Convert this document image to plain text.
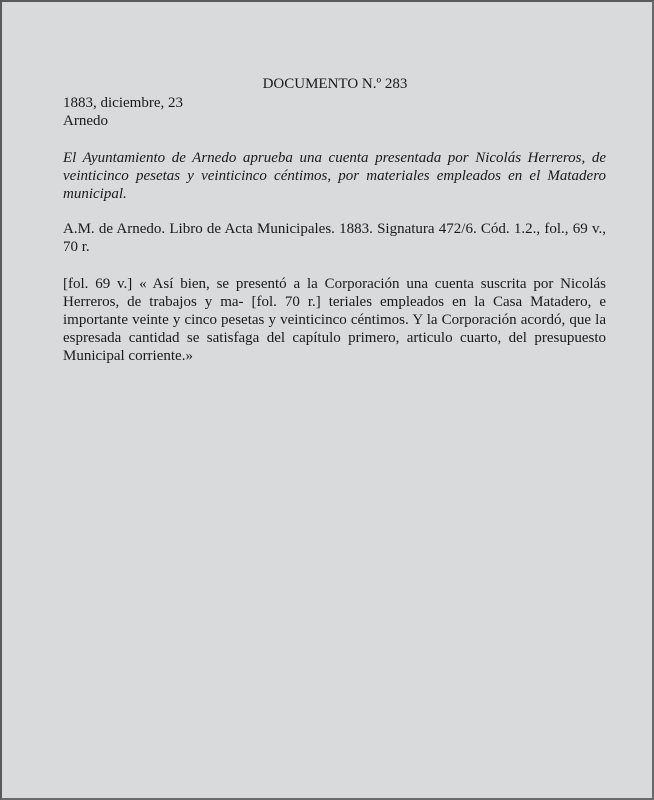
DOCUMENTO N.º 283
1883, diciembre, 23
Arnedo

El Ayuntamiento de Arnedo aprueba una cuenta presentada por Nicolás Herreros, de veinticinco pesetas y veinticinco céntimos, por materiales empleados en el Matadero municipal.

A.M. de Arnedo. Libro de Acta Municipales. 1883. Signatura 472/6. Cód. 1.2., fol., 69 v., 70 r.

[fol. 69 v.] « Así bien, se presentó a la Corporación una cuenta suscrita por Nicolás Herreros, de trabajos y ma- [fol. 70 r.] teriales empleados en la Casa Matadero, e importante veinte y cinco pesetas y veinticinco céntimos. Y la Corporación acordó, que la espresada cantidad se satisfaga del capítulo primero, articulo cuarto, del presupuesto Municipal corriente.»
